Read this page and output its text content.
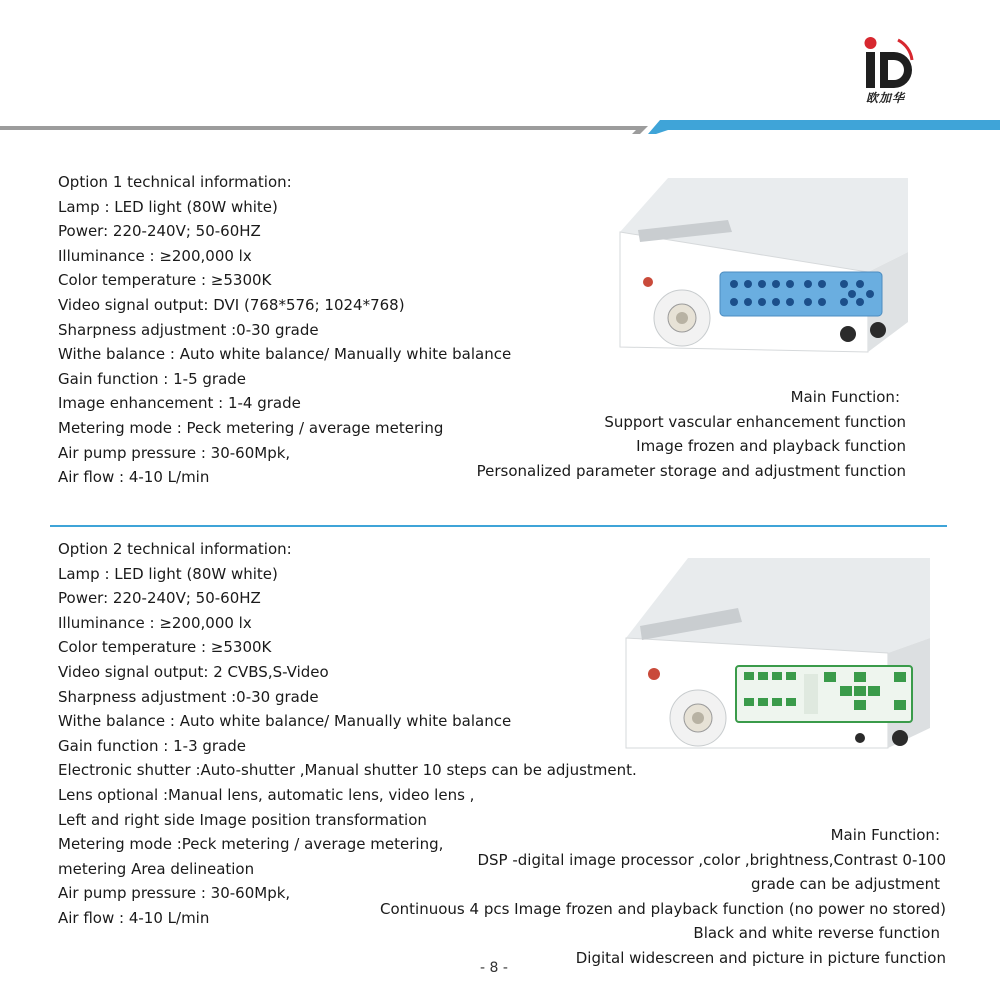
欧加华
Option 1 technical information:
Lamp : LED light (80W white)
Power: 220-240V; 50-60HZ
Illuminance : ≥200,000 lx
Color temperature : ≥5300K
Video signal output: DVI (768*576; 1024*768)
Sharpness adjustment :0-30 grade
Withe balance : Auto white balance/ Manually white balance
Gain function : 1-5 grade
Image enhancement : 1-4 grade
Metering mode : Peck metering / average metering
Air pump pressure : 30-60Mpk,
Air flow : 4-10 L/min
Main Function:
Support vascular enhancement function
Image frozen and playback function
Personalized parameter storage and adjustment function
Option 2 technical information:
Lamp : LED light (80W white)
Power: 220-240V; 50-60HZ
Illuminance : ≥200,000 lx
Color temperature : ≥5300K
Video signal output: 2 CVBS,S-Video
Sharpness adjustment :0-30 grade
Withe balance : Auto white balance/ Manually white balance
Gain function : 1-3 grade
Electronic shutter :Auto-shutter ,Manual shutter 10 steps can be adjustment.
Lens optional :Manual lens, automatic lens, video lens ,
Left and right side Image position transformation
Metering mode :Peck metering / average metering,
metering Area delineation
Air pump pressure : 30-60Mpk,
Air flow : 4-10 L/min
Main Function:
DSP -digital image processor ,color ,brightness,Contrast 0-100
grade can be adjustment
Continuous 4 pcs Image frozen and playback function (no power no stored)
Black and white reverse function
Digital widescreen and picture in picture function
- 8 -
